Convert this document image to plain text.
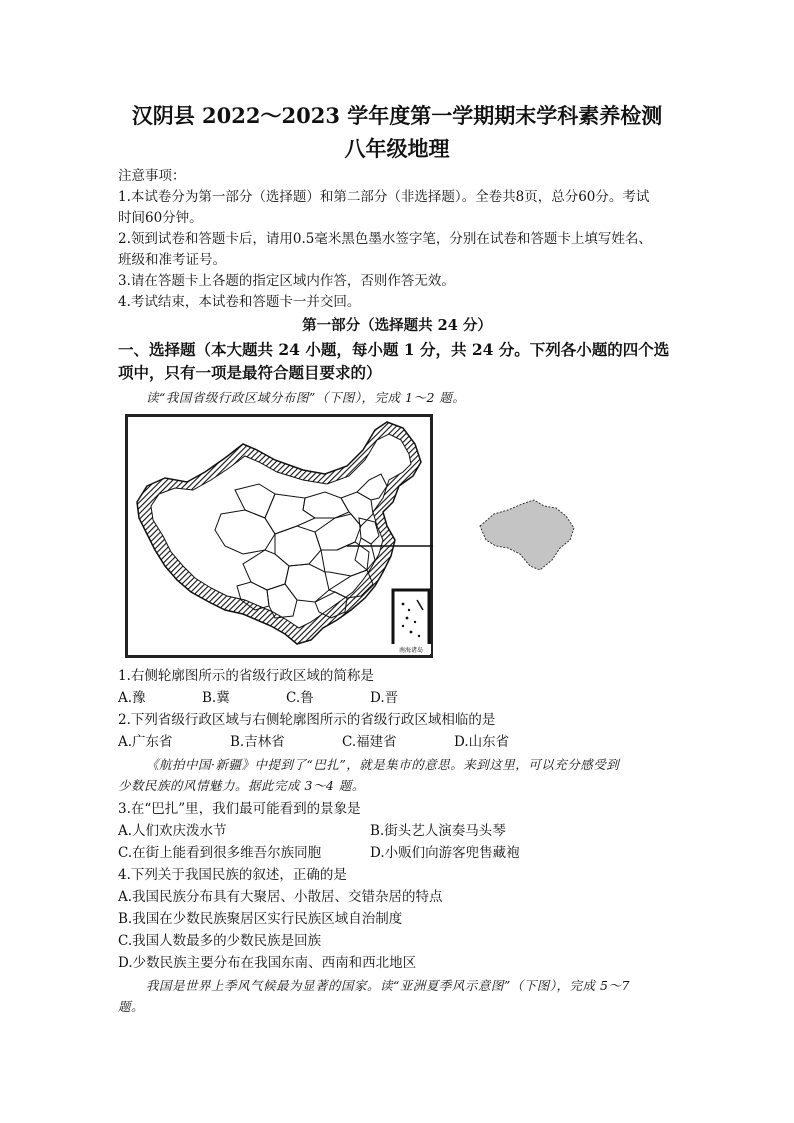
汉阴县 2022～2023 学年度第一学期期末学科素养检测
八年级地理
注意事项：
1.本试卷分为第一部分（选择题）和第二部分（非选择题）。全卷共8页，总分60分。考试
时间60分钟。
2.领到试卷和答题卡后，请用0.5毫米黑色墨水签字笔，分别在试卷和答题卡上填写姓名、
班级和准考证号。
3.请在答题卡上各题的指定区域内作答，否则作答无效。
4.考试结束，本试卷和答题卡一并交回。
第一部分（选择题共 24 分）
一、选择题（本大题共 24 小题，每小题 1 分，共 24 分。下列各小题的四个选
项中，只有一项是最符合题目要求的）
读“我国省级行政区域分布图”（下图），完成 1～2 题。
南海诸岛
1.右侧轮廓图所示的省级行政区域的简称是
A.豫	B.冀	C.鲁	D.晋
2.下列省级行政区域与右侧轮廓图所示的省级行政区域相临的是
A.广东省	B.吉林省	C.福建省	D.山东省
《航拍中国·新疆》中提到了“巴扎”，就是集市的意思。来到这里，可以充分感受到
少数民族的风情魅力。据此完成 3～4 题。
3.在“巴扎”里，我们最可能看到的景象是
A.人们欢庆泼水节	B.街头艺人演奏马头琴
C.在街上能看到很多维吾尔族同胞	D.小贩们向游客兜售藏袍
4.下列关于我国民族的叙述，正确的是
A.我国民族分布具有大聚居、小散居、交错杂居的特点
B.我国在少数民族聚居区实行民族区域自治制度
C.我国人数最多的少数民族是回族
D.少数民族主要分布在我国东南、西南和西北地区
我国是世界上季风气候最为显著的国家。读“亚洲夏季风示意图”（下图），完成 5～7
题。
